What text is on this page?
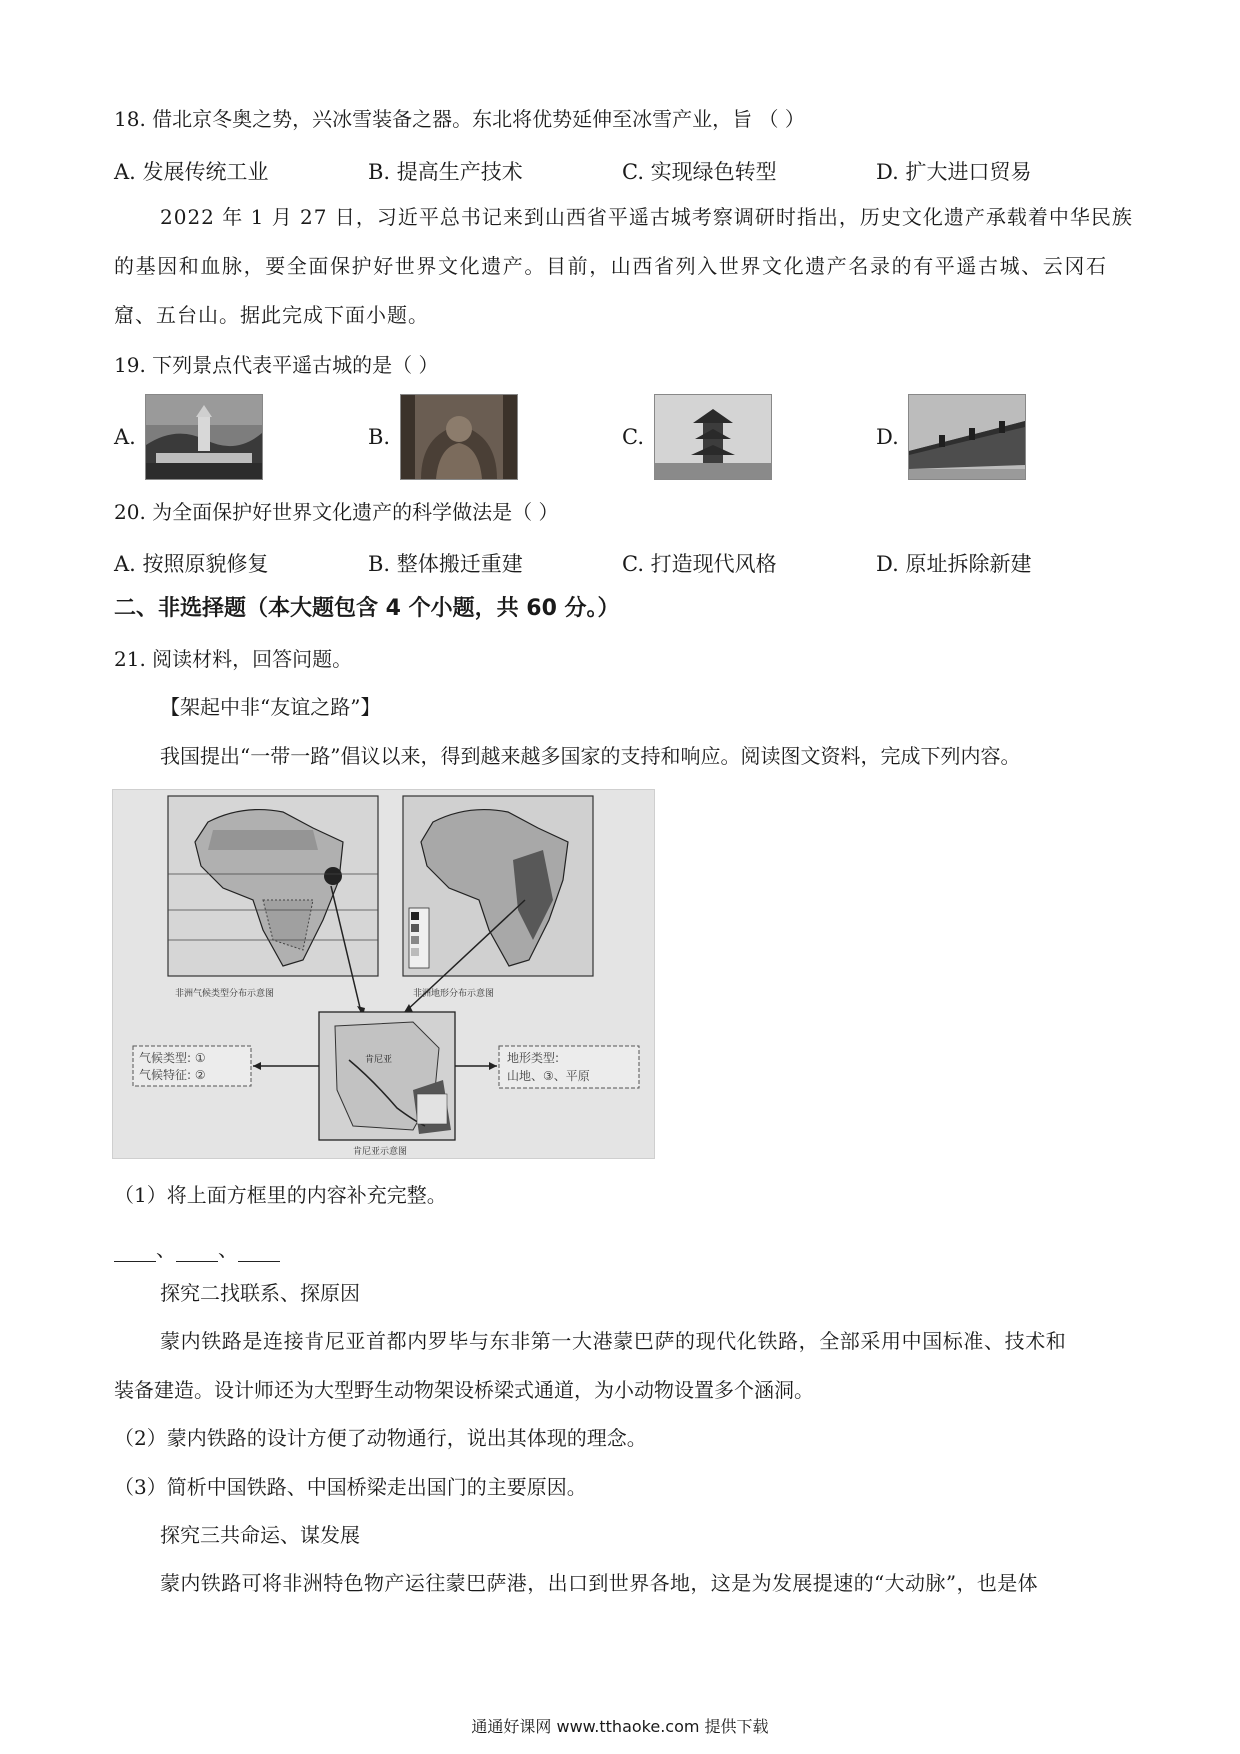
18. 借北京冬奥之势，兴冰雪装备之器。东北将优势延伸至冰雪产业，旨 （ ）
A. 发展传统工业	B. 提高生产技术	C. 实现绿色转型	D. 扩大进口贸易
2022 年 1 月 27 日，习近平总书记来到山西省平遥古城考察调研时指出，历史文化遗产承载着中华民族
的基因和血脉，要全面保护好世界文化遗产。目前，山西省列入世界文化遗产名录的有平遥古城、云冈石
窟、五台山。据此完成下面小题。
19. 下列景点代表平遥古城的是（ ）
A.	B.	C.	D.
20. 为全面保护好世界文化遗产的科学做法是（ ）
A. 按照原貌修复	B. 整体搬迁重建	C. 打造现代风格	D. 原址拆除新建
二、非选择题（本大题包含 4 个小题，共 60 分。）
21. 阅读材料，回答问题。
【架起中非“友谊之路”】
我国提出“一带一路”倡议以来，得到越来越多国家的支持和响应。阅读图文资料，完成下列内容。
非洲气候类型分布示意图	非洲地形分布示意图
肯尼亚示意图
肯尼亚
气候类型: ①
气候特征: ②
地形类型:
山地、③、平原
（1）将上面方框里的内容补充完整。
、 、
探究二找联系、探原因
蒙内铁路是连接肯尼亚首都内罗毕与东非第一大港蒙巴萨的现代化铁路，全部采用中国标准、技术和
装备建造。设计师还为大型野生动物架设桥梁式通道，为小动物设置多个涵洞。
（2）蒙内铁路的设计方便了动物通行，说出其体现的理念。
（3）简析中国铁路、中国桥梁走出国门的主要原因。
探究三共命运、谋发展
蒙内铁路可将非洲特色物产运往蒙巴萨港，出口到世界各地，这是为发展提速的“大动脉”，也是体
通通好课网 www.tthaoke.com 提供下载
